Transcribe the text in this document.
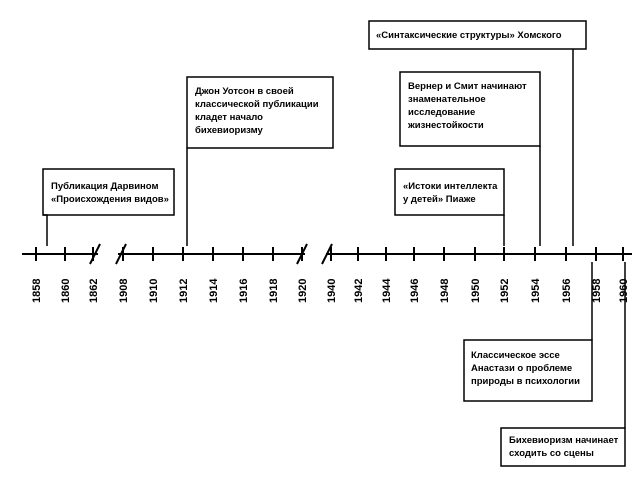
1858 1860 1862 1908 1910 1912 1914 1916 1918 1920 1940 1942 1944 1946 1948 1950 1952 1954 1956 1958 1960
Публикация Дарвином
«Происхождения видов»
Джон Уотсон в своей
классической публикации
кладет начало
бихевиоризму
«Истоки интеллекта
у детей» Пиаже
Вернер и Смит начинают
знаменательное
исследование
жизнестойкости
«Синтаксические структуры» Хомского
Классическое эссе
Анастази о проблеме
природы в психологии
Бихевиоризм начинает
сходить со сцены
